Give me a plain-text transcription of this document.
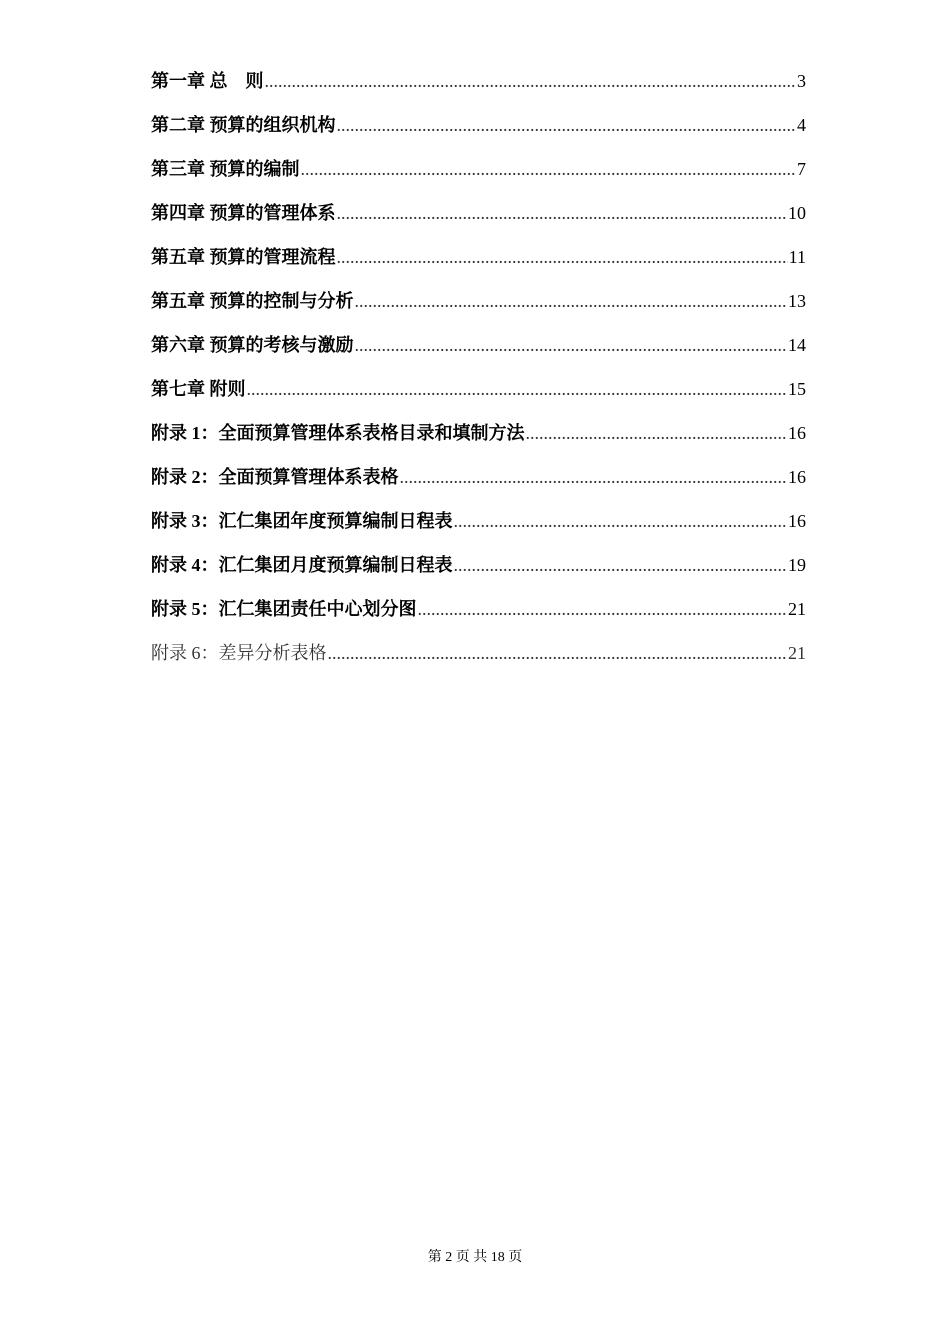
第一章 总　则 .....	3
第二章 预算的组织机构 .....	4
第三章 预算的编制 .....	7
第四章 预算的管理体系 .....	10
第五章 预算的管理流程 .....	11
第五章 预算的控制与分析 .....	13
第六章 预算的考核与激励 .....	14
第七章 附则 .....	15
附录 1：全面预算管理体系表格目录和填制方法 .....	16
附录 2：全面预算管理体系表格 .....	16
附录 3：汇仁集团年度预算编制日程表 .....	16
附录 4：汇仁集团月度预算编制日程表 .....	19
附录 5：汇仁集团责任中心划分图 .....	21
附录 6：差异分析表格 .....	21
第 2 页 共 18 页
